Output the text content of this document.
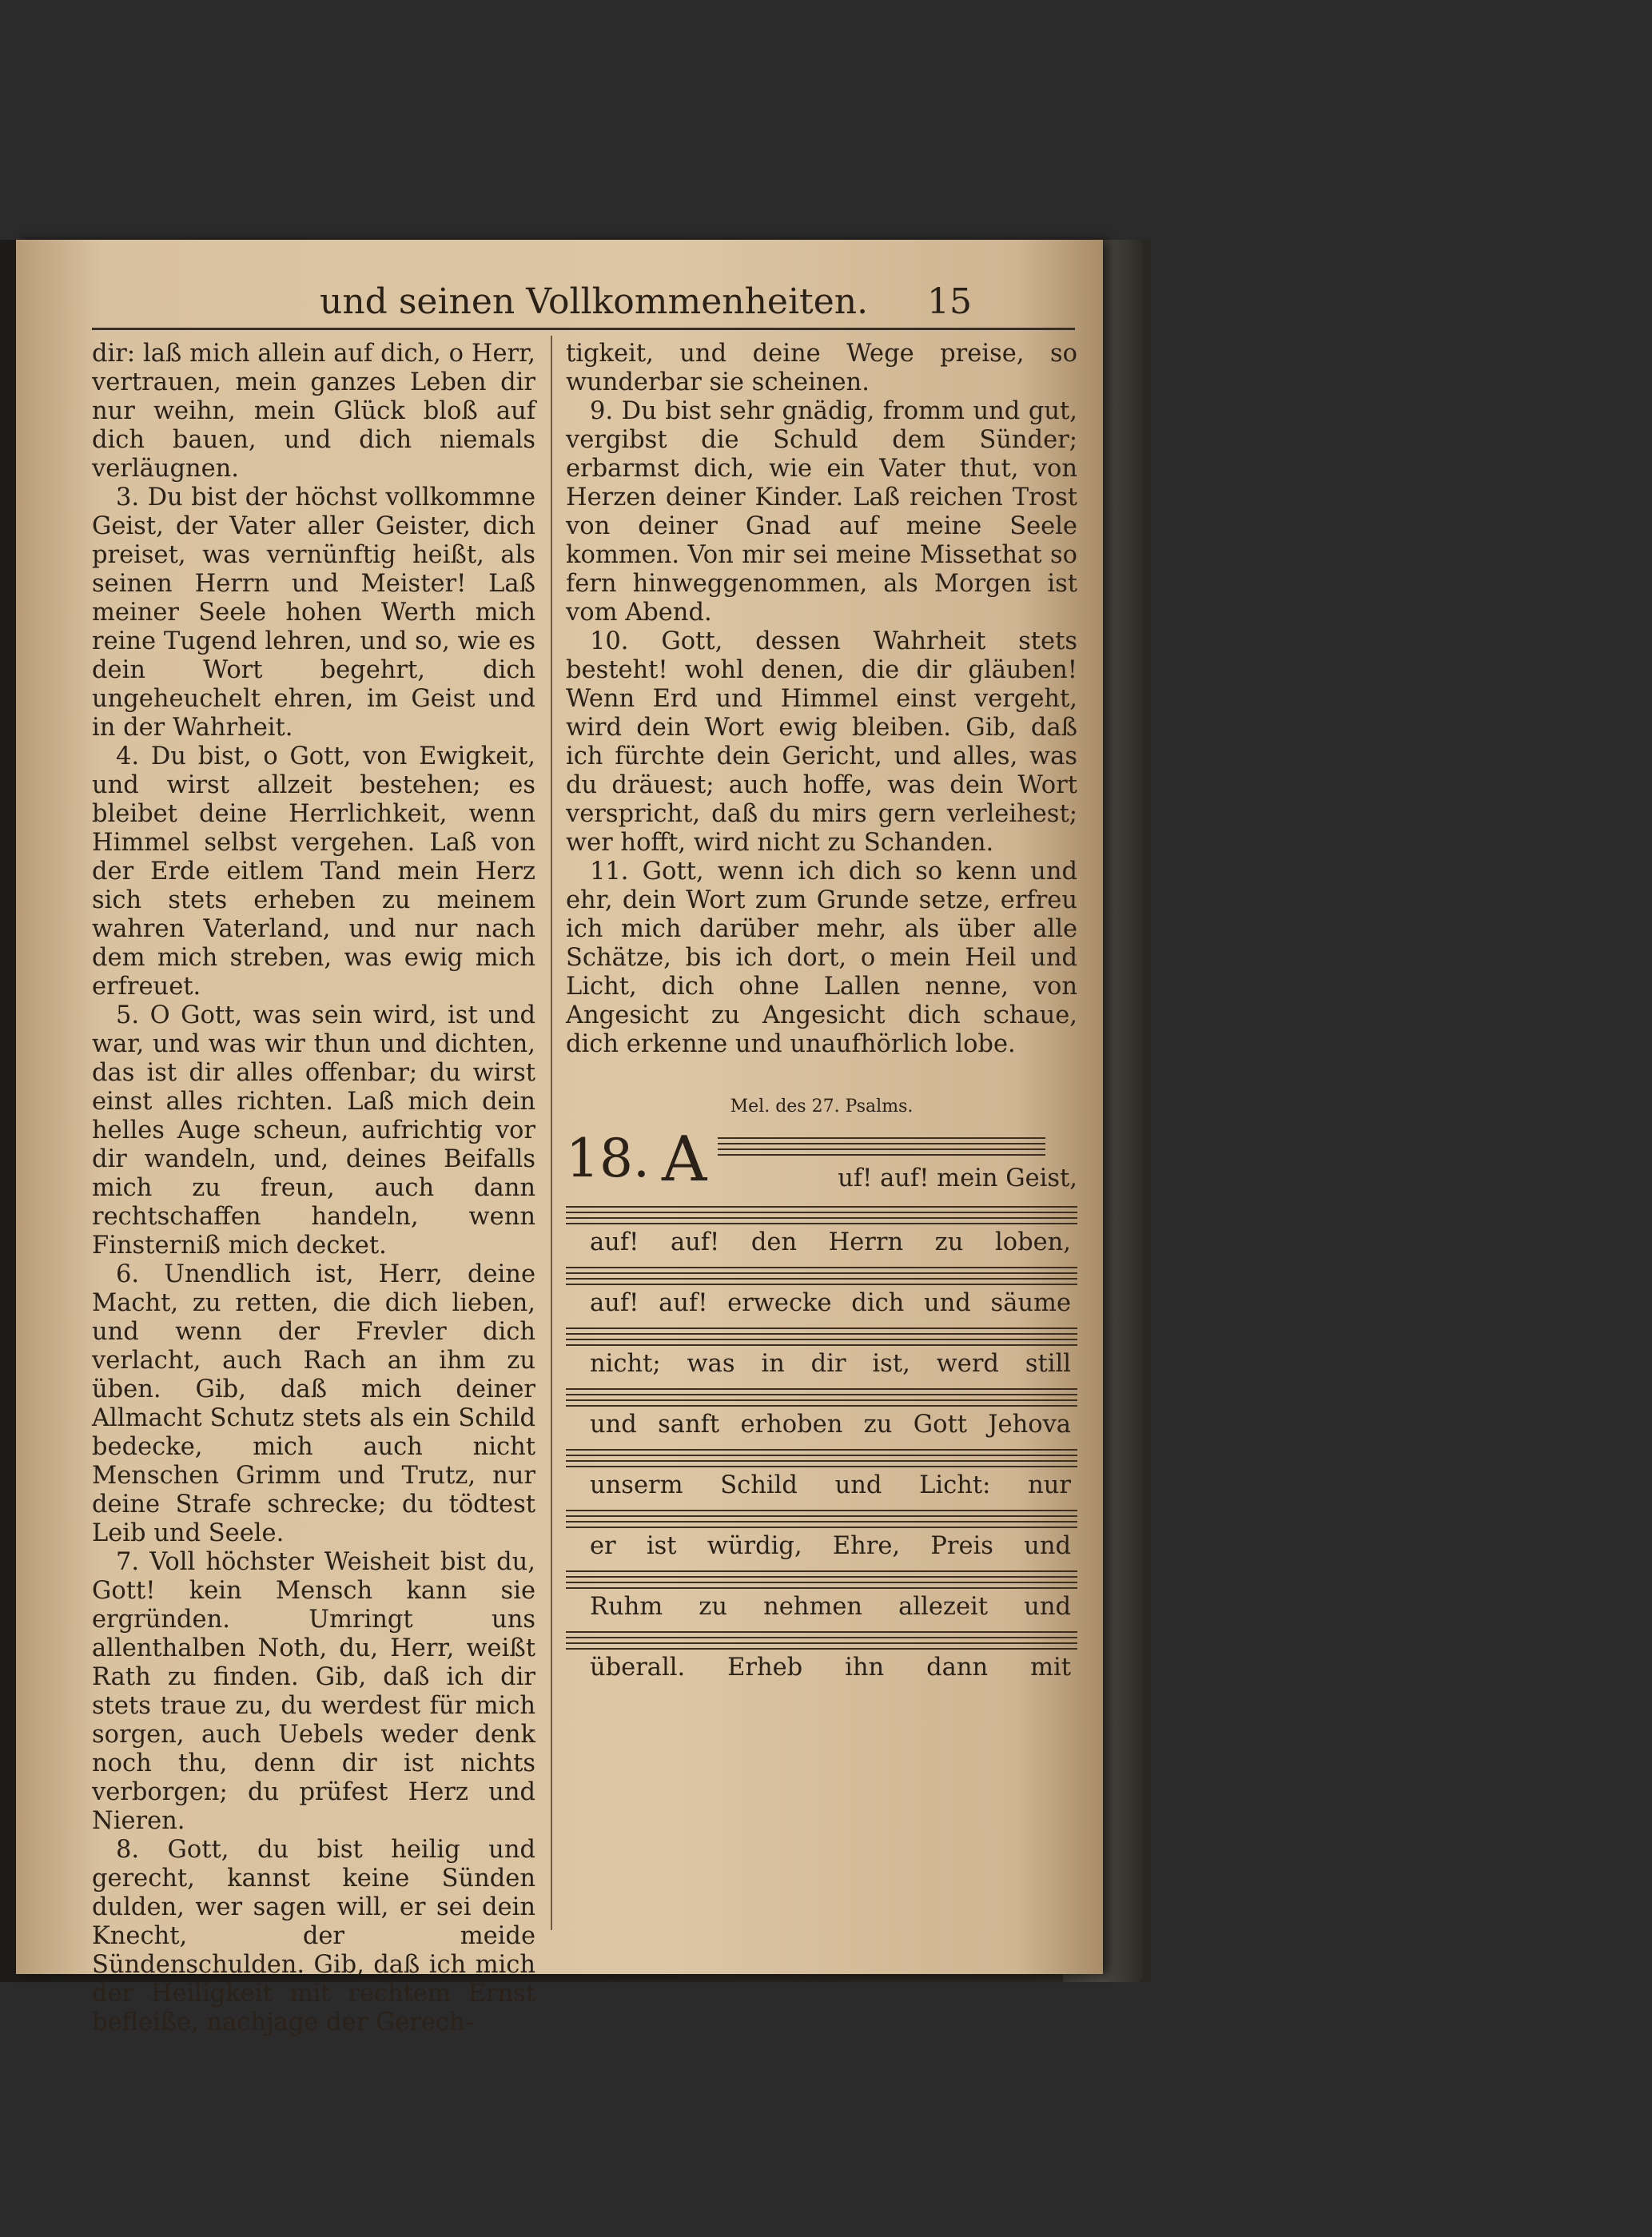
und seinen Vollkommenheiten. 15

dir: laß mich allein auf dich, o Herr, vertrauen, mein ganzes Leben dir nur weihn, mein Glück bloß auf dich bauen, und dich niemals verläugnen.

3. Du bist der höchst vollkommne Geist, der Vater aller Geister, dich preiset, was vernünftig heißt, als seinen Herrn und Meister! Laß meiner Seele hohen Werth mich reine Tugend lehren, und so, wie es dein Wort begehrt, dich ungeheuchelt ehren, im Geist und in der Wahrheit.

4. Du bist, o Gott, von Ewigkeit, und wirst allzeit bestehen; es bleibet deine Herrlichkeit, wenn Himmel selbst vergehen. Laß von der Erde eitlem Tand mein Herz sich stets erheben zu meinem wahren Vaterland, und nur nach dem mich streben, was ewig mich erfreuet.

5. O Gott, was sein wird, ist und war, und was wir thun und dichten, das ist dir alles offenbar; du wirst einst alles richten. Laß mich dein helles Auge scheun, aufrichtig vor dir wandeln, und, deines Beifalls mich zu freun, auch dann rechtschaffen handeln, wenn Finsterniß mich decket.

6. Unendlich ist, Herr, deine Macht, zu retten, die dich lieben, und wenn der Frevler dich verlacht, auch Rach an ihm zu üben. Gib, daß mich deiner Allmacht Schutz stets als ein Schild bedecke, mich auch nicht Menschen Grimm und Trutz, nur deine Strafe schrecke; du tödtest Leib und Seele.

7. Voll höchster Weisheit bist du, Gott! kein Mensch kann sie ergründen. Umringt uns allenthalben Noth, du, Herr, weißt Rath zu finden. Gib, daß ich dir stets traue zu, du werdest für mich sorgen, auch Uebels weder denk noch thu, denn dir ist nichts verborgen; du prüfest Herz und Nieren.

8. Gott, du bist heilig und gerecht, kannst keine Sünden dulden, wer sagen will, er sei dein Knecht, der meide Sündenschulden. Gib, daß ich mich der Heiligkeit mit rechtem Ernst befleiße, nachjage der Gerech-

tigkeit, und deine Wege preise, so wunderbar sie scheinen.

9. Du bist sehr gnädig, fromm und gut, vergibst die Schuld dem Sünder; erbarmst dich, wie ein Vater thut, von Herzen deiner Kinder. Laß reichen Trost von deiner Gnad auf meine Seele kommen. Von mir sei meine Missethat so fern hinweggenommen, als Morgen ist vom Abend.

10. Gott, dessen Wahrheit stets besteht! wohl denen, die dir gläuben! Wenn Erd und Himmel einst vergeht, wird dein Wort ewig bleiben. Gib, daß ich fürchte dein Gericht, und alles, was du dräuest; auch hoffe, was dein Wort verspricht, daß du mirs gern verleihest; wer hofft, wird nicht zu Schanden.

11. Gott, wenn ich dich so kenn und ehr, dein Wort zum Grunde setze, erfreu ich mich darüber mehr, als über alle Schätze, bis ich dort, o mein Heil und Licht, dich ohne Lallen nenne, von Angesicht zu Angesicht dich schaue, dich erkenne und unaufhörlich lobe.

Mel. des 27. Psalms.
18. A	uf! auf! mein Geist,
auf! auf! den Herrn zu loben,
auf! auf! erwecke dich und säume
nicht; was in dir ist, werd still
und sanft erhoben zu Gott Jehova
unserm Schild und Licht: nur
er ist würdig, Ehre, Preis und
Ruhm zu nehmen allezeit und
überall. Erheb ihn dann mit
